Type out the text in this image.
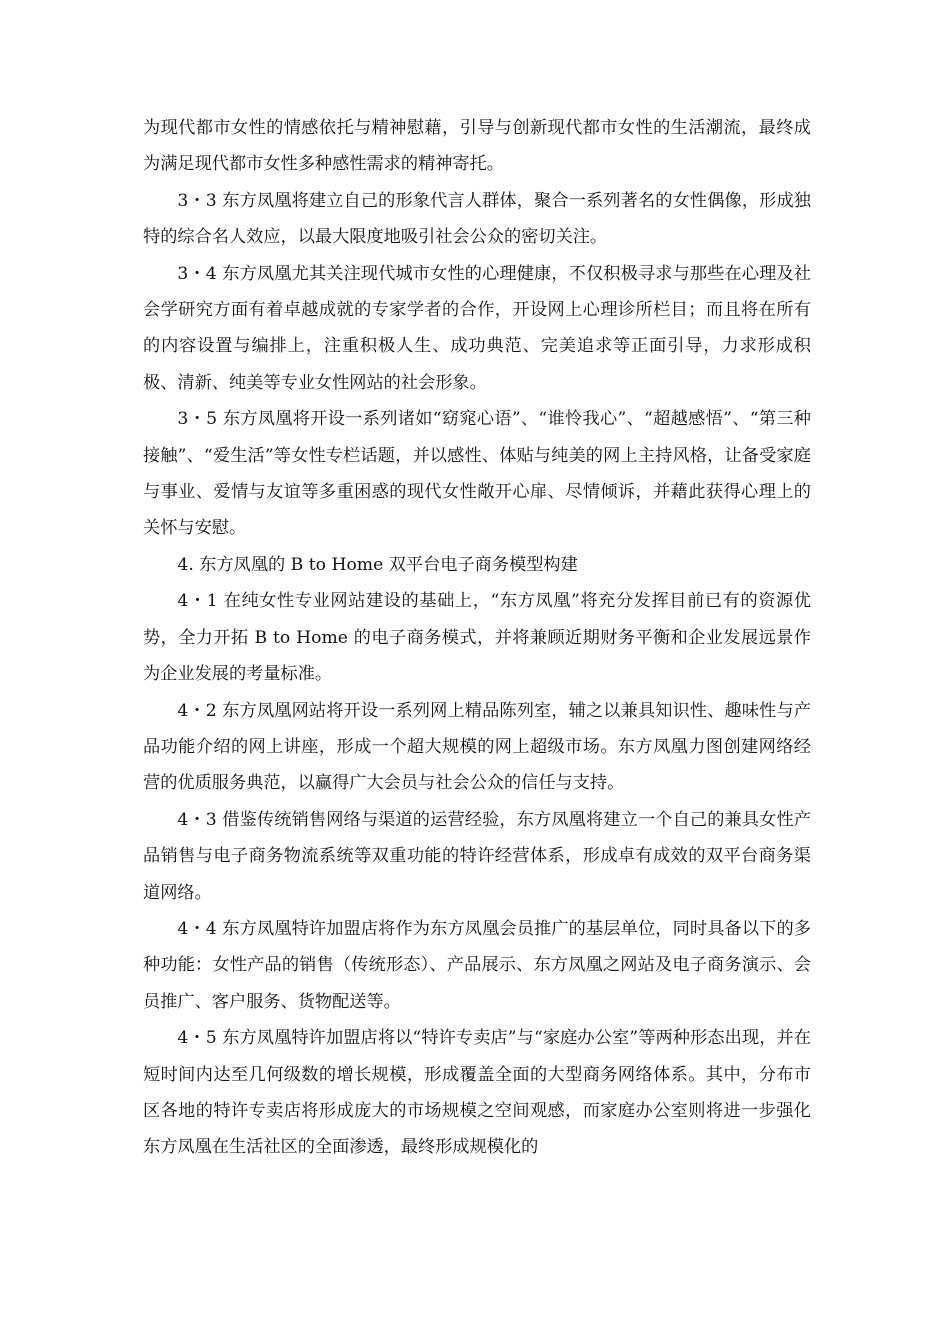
为现代都市女性的情感依托与精神慰藉，引导与创新现代都市女性的生活潮流，最终成为满足现代都市女性多种感性需求的精神寄托。

3・3 东方凤凰将建立自己的形象代言人群体，聚合一系列著名的女性偶像，形成独特的综合名人效应，以最大限度地吸引社会公众的密切关注。

3・4 东方凤凰尤其关注现代城市女性的心理健康，不仅积极寻求与那些在心理及社会学研究方面有着卓越成就的专家学者的合作，开设网上心理诊所栏目；而且将在所有的内容设置与编排上，注重积极人生、成功典范、完美追求等正面引导，力求形成积极、清新、纯美等专业女性网站的社会形象。

3・5 东方凤凰将开设一系列诸如“窈窕心语”、“谁怜我心”、“超越感悟”、“第三种接触”、“爱生活”等女性专栏话题，并以感性、体贴与纯美的网上主持风格，让备受家庭与事业、爱情与友谊等多重困惑的现代女性敞开心扉、尽情倾诉，并藉此获得心理上的关怀与安慰。

4. 东方凤凰的 B to Home 双平台电子商务模型构建

4・1 在纯女性专业网站建设的基础上，“东方凤凰”将充分发挥目前已有的资源优势，全力开拓 B to Home 的电子商务模式，并将兼顾近期财务平衡和企业发展远景作为企业发展的考量标准。

4・2 东方凤凰网站将开设一系列网上精品陈列室，辅之以兼具知识性、趣味性与产品功能介绍的网上讲座，形成一个超大规模的网上超级市场。东方凤凰力图创建网络经营的优质服务典范，以赢得广大会员与社会公众的信任与支持。

4・3 借鉴传统销售网络与渠道的运营经验，东方凤凰将建立一个自己的兼具女性产品销售与电子商务物流系统等双重功能的特许经营体系，形成卓有成效的双平台商务渠道网络。

4・4 东方凤凰特许加盟店将作为东方凤凰会员推广的基层单位，同时具备以下的多种功能：女性产品的销售（传统形态）、产品展示、东方凤凰之网站及电子商务演示、会员推广、客户服务、货物配送等。

4・5 东方凤凰特许加盟店将以“特许专卖店”与“家庭办公室”等两种形态出现，并在短时间内达至几何级数的增长规模，形成覆盖全面的大型商务网络体系。其中，分布市区各地的特许专卖店将形成庞大的市场规模之空间观感，而家庭办公室则将进一步强化东方凤凰在生活社区的全面渗透，最终形成规模化的
